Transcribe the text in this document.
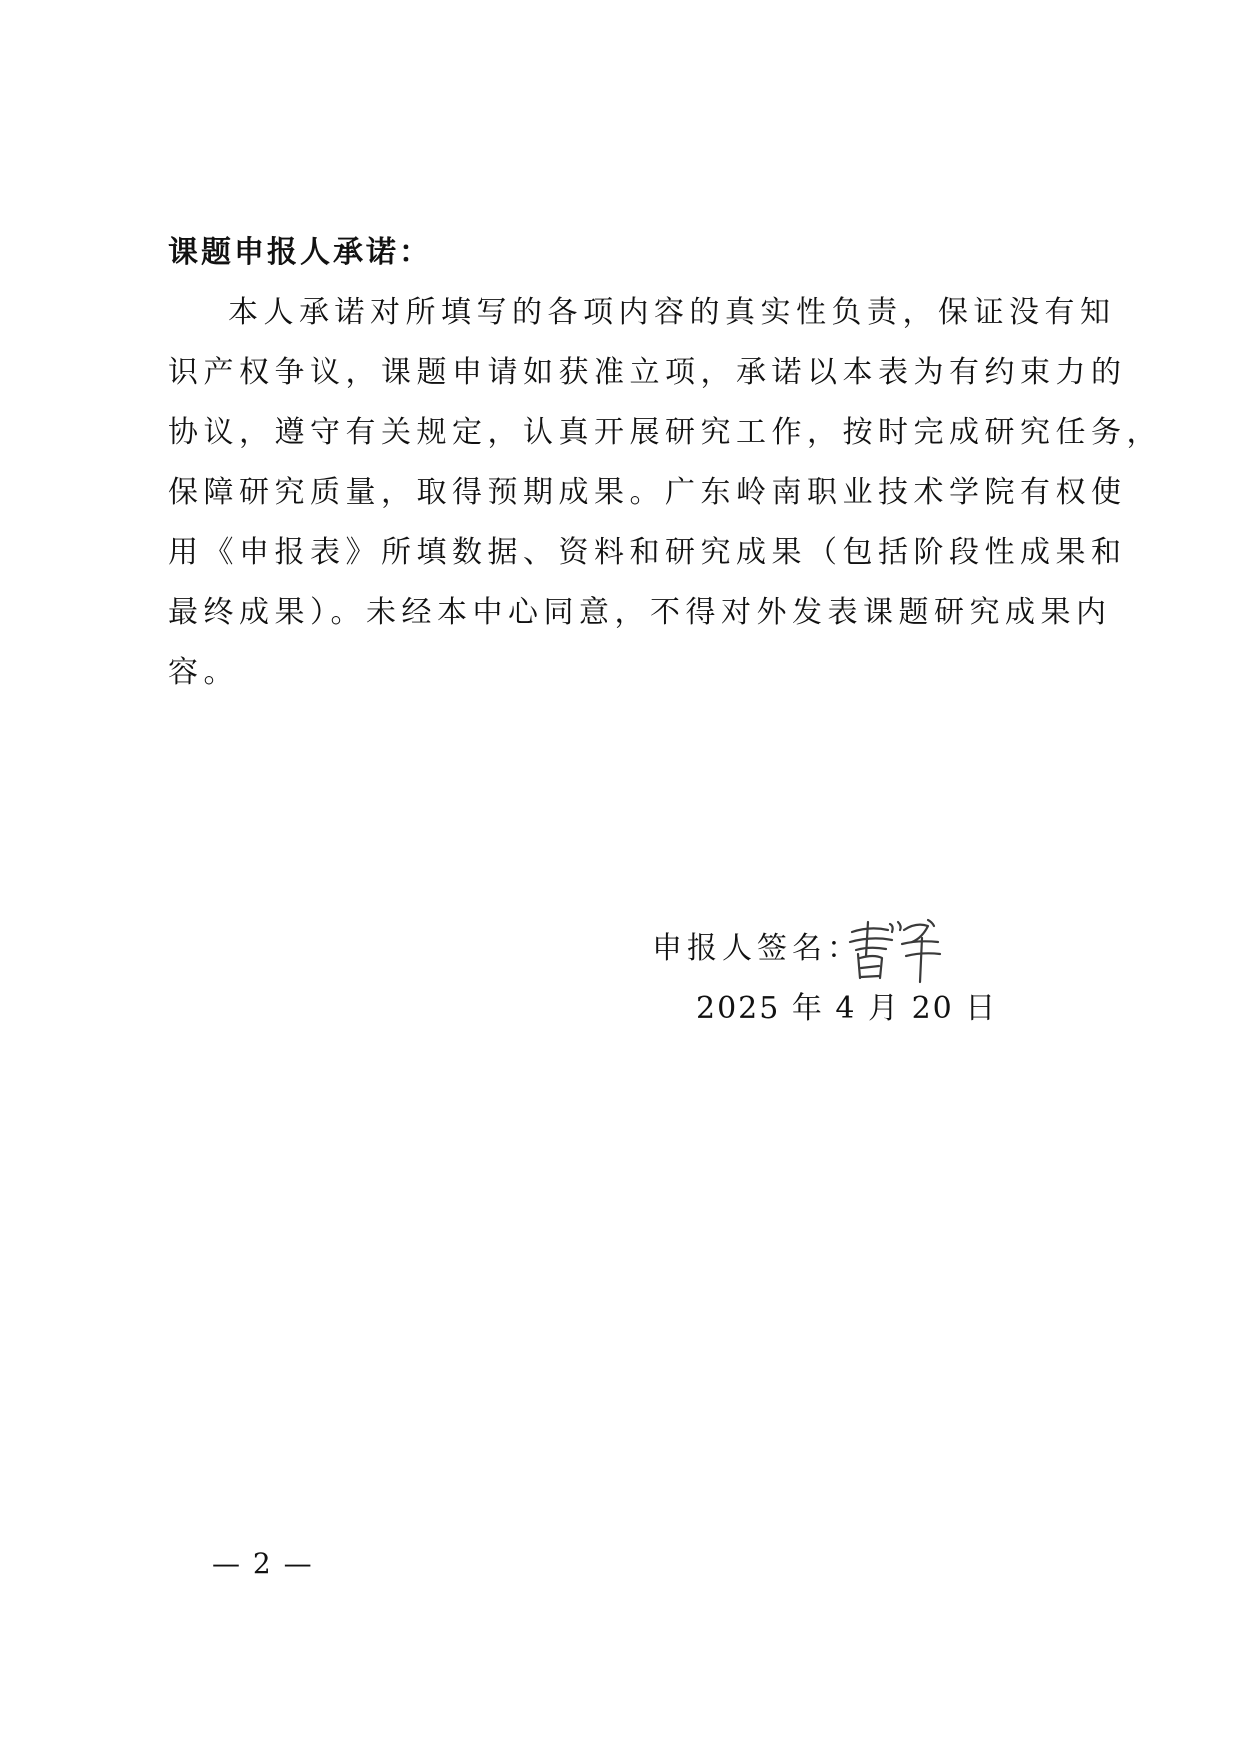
课题申报人承诺：
本人承诺对所填写的各项内容的真实性负责，保证没有知
识产权争议，课题申请如获准立项，承诺以本表为有约束力的
协议，遵守有关规定，认真开展研究工作，按时完成研究任务，
保障研究质量，取得预期成果。广东岭南职业技术学院有权使
用《申报表》所填数据、资料和研究成果（包括阶段性成果和
最终成果）。未经本中心同意，不得对外发表课题研究成果内
容。
申报人签名：
2025 年 4 月 20 日
— 2 —
